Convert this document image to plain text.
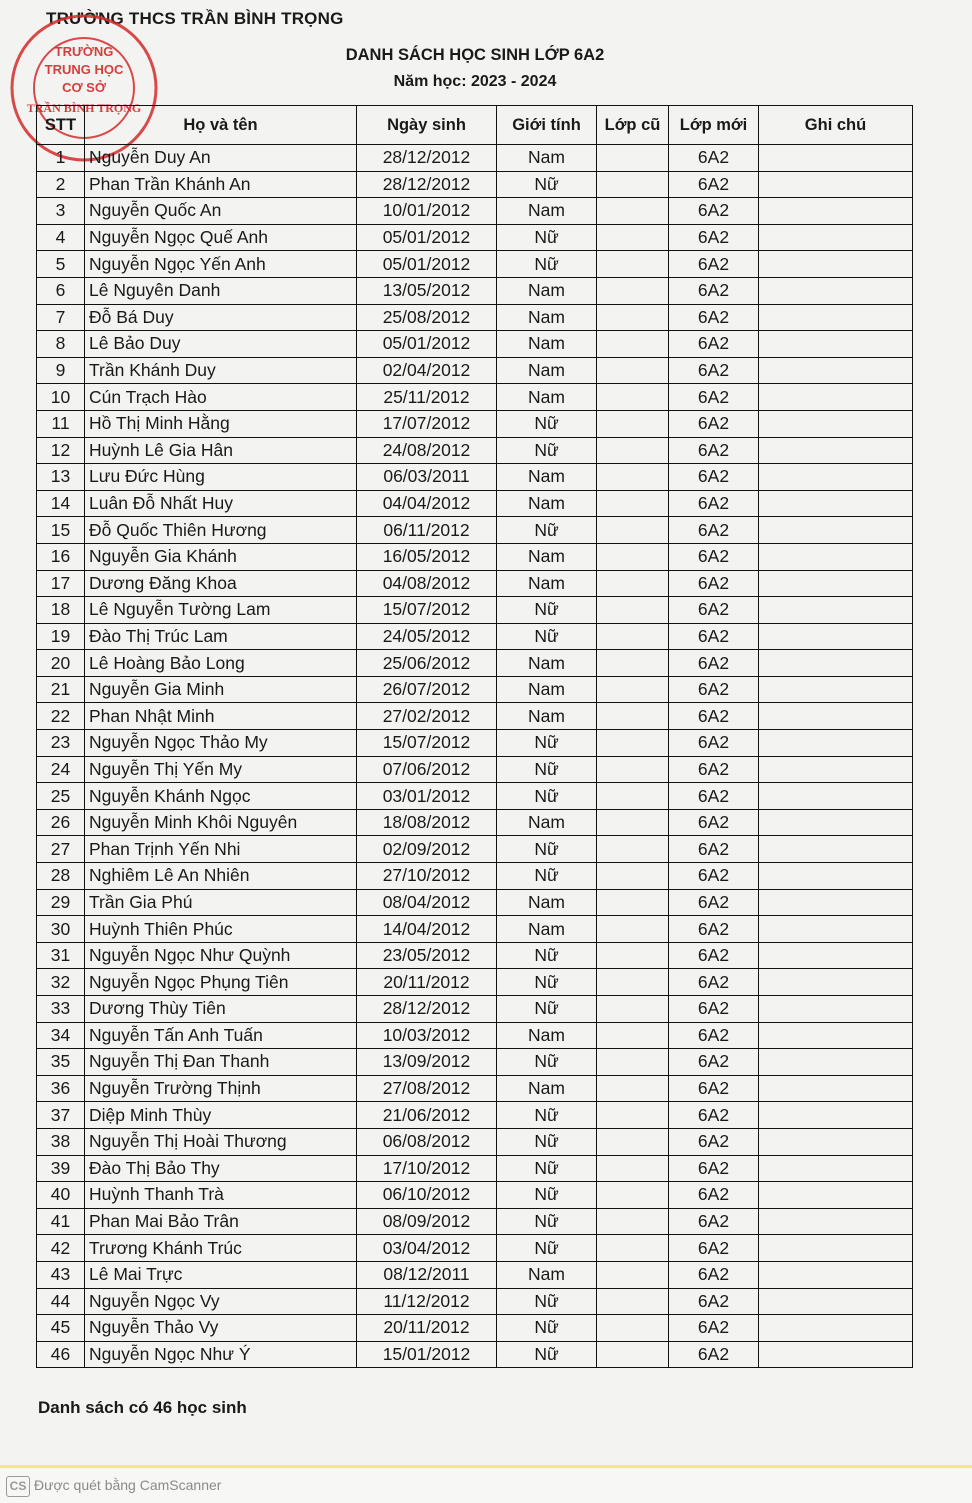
TRƯỜNG THCS TRẦN BÌNH TRỌNG
DANH SÁCH HỌC SINH LỚP 6A2
Năm học: 2023 - 2024
TRƯỜNG
TRUNG HỌC
CƠ SỞ
TRẦN BÌNH TRỌNG
STT	Họ và tên	Ngày sinh	Giới tính	Lớp cũ	Lớp mới	Ghi chú
1	Nguyễn Duy An	28/12/2012	Nam		6A2	
2	Phan Trần Khánh An	28/12/2012	Nữ		6A2	
3	Nguyễn Quốc An	10/01/2012	Nam		6A2	
4	Nguyễn Ngọc Quế Anh	05/01/2012	Nữ		6A2	
5	Nguyễn Ngọc Yến Anh	05/01/2012	Nữ		6A2	
6	Lê Nguyên Danh	13/05/2012	Nam		6A2	
7	Đỗ Bá Duy	25/08/2012	Nam		6A2	
8	Lê Bảo Duy	05/01/2012	Nam		6A2	
9	Trần Khánh Duy	02/04/2012	Nam		6A2	
10	Cún Trạch Hào	25/11/2012	Nam		6A2	
11	Hồ Thị Minh Hằng	17/07/2012	Nữ		6A2	
12	Huỳnh Lê Gia Hân	24/08/2012	Nữ		6A2	
13	Lưu Đức Hùng	06/03/2011	Nam		6A2	
14	Luân Đỗ Nhất Huy	04/04/2012	Nam		6A2	
15	Đỗ Quốc Thiên Hương	06/11/2012	Nữ		6A2	
16	Nguyễn Gia Khánh	16/05/2012	Nam		6A2	
17	Dương Đăng Khoa	04/08/2012	Nam		6A2	
18	Lê Nguyễn Tường Lam	15/07/2012	Nữ		6A2	
19	Đào Thị Trúc Lam	24/05/2012	Nữ		6A2	
20	Lê Hoàng Bảo Long	25/06/2012	Nam		6A2	
21	Nguyễn Gia Minh	26/07/2012	Nam		6A2	
22	Phan Nhật Minh	27/02/2012	Nam		6A2	
23	Nguyễn Ngọc Thảo My	15/07/2012	Nữ		6A2	
24	Nguyễn Thị Yến My	07/06/2012	Nữ		6A2	
25	Nguyễn Khánh Ngọc	03/01/2012	Nữ		6A2	
26	Nguyễn Minh Khôi Nguyên	18/08/2012	Nam		6A2	
27	Phan Trịnh Yến Nhi	02/09/2012	Nữ		6A2	
28	Nghiêm Lê An Nhiên	27/10/2012	Nữ		6A2	
29	Trần Gia Phú	08/04/2012	Nam		6A2	
30	Huỳnh Thiên Phúc	14/04/2012	Nam		6A2	
31	Nguyễn Ngọc Như Quỳnh	23/05/2012	Nữ		6A2	
32	Nguyễn Ngọc Phụng Tiên	20/11/2012	Nữ		6A2	
33	Dương Thùy Tiên	28/12/2012	Nữ		6A2	
34	Nguyễn Tấn Anh Tuấn	10/03/2012	Nam		6A2	
35	Nguyễn Thị Đan Thanh	13/09/2012	Nữ		6A2	
36	Nguyễn Trường Thịnh	27/08/2012	Nam		6A2	
37	Diệp Minh Thùy	21/06/2012	Nữ		6A2	
38	Nguyễn Thị Hoài Thương	06/08/2012	Nữ		6A2	
39	Đào Thị Bảo Thy	17/10/2012	Nữ		6A2	
40	Huỳnh Thanh Trà	06/10/2012	Nữ		6A2	
41	Phan Mai Bảo Trân	08/09/2012	Nữ		6A2	
42	Trương Khánh Trúc	03/04/2012	Nữ		6A2	
43	Lê Mai Trực	08/12/2011	Nam		6A2	
44	Nguyễn Ngọc Vy	11/12/2012	Nữ		6A2	
45	Nguyễn Thảo Vy	20/11/2012	Nữ		6A2	
46	Nguyễn Ngọc Như Ý	15/01/2012	Nữ		6A2	
Danh sách có 46 học sinh
CS Được quét bằng CamScanner
